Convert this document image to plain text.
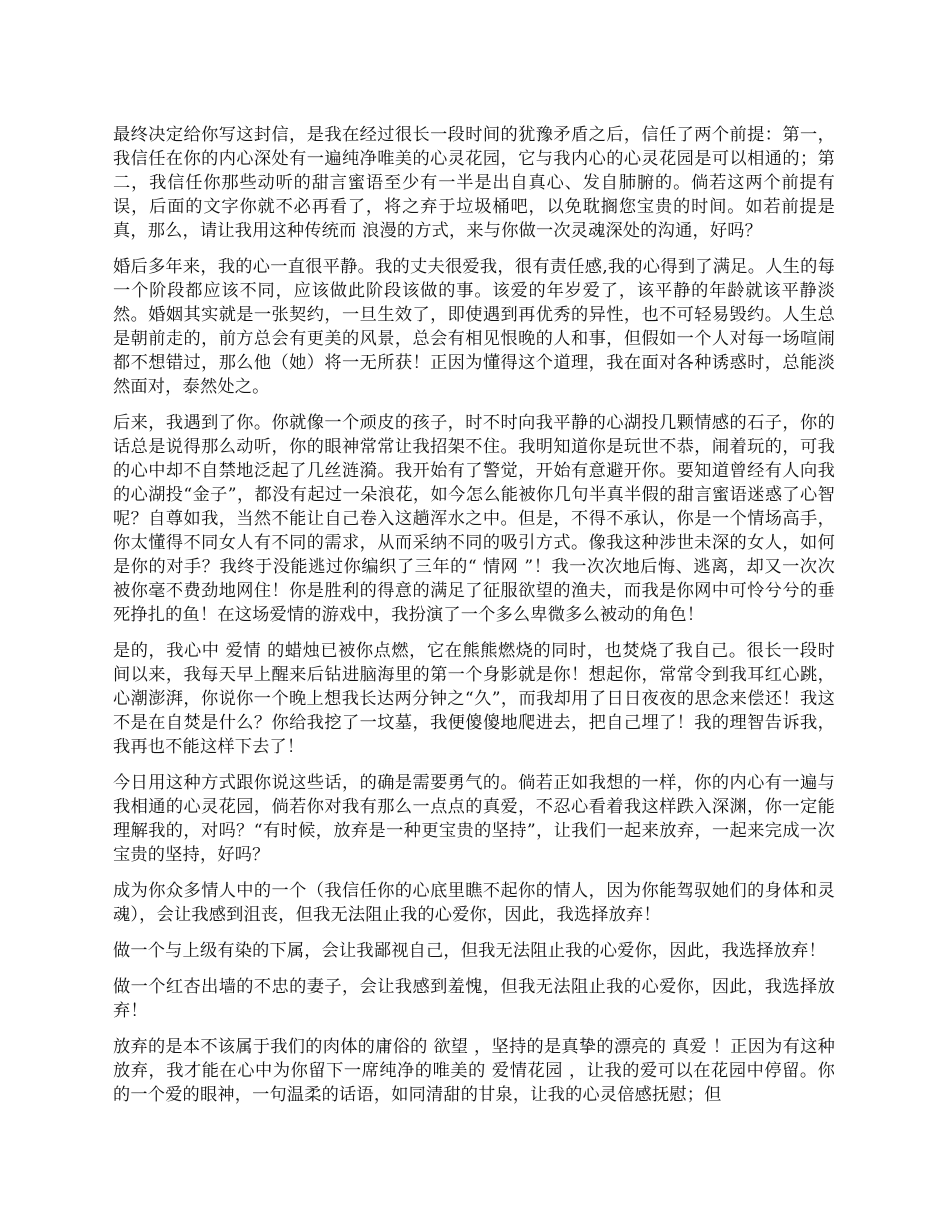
最终决定给你写这封信，是我在经过很长一段时间的犹豫矛盾之后，信任了两个前提：第一，我信任在你的内心深处有一遍纯净唯美的心灵花园，它与我内心的心灵花园是可以相通的；第二，我信任你那些动听的甜言蜜语至少有一半是出自真心、发自肺腑的。倘若这两个前提有误，后面的文字你就不必再看了，将之弃于垃圾桶吧，以免耽搁您宝贵的时间。如若前提是真，那么，请让我用这种传统而 浪漫的方式，来与你做一次灵魂深处的沟通，好吗？

婚后多年来，我的心一直很平静。我的丈夫很爱我，很有责任感,我的心得到了满足。人生的每一个阶段都应该不同，应该做此阶段该做的事。该爱的年岁爱了，该平静的年龄就该平静淡然。婚姻其实就是一张契约，一旦生效了，即使遇到再优秀的异性，也不可轻易毁约。人生总是朝前走的，前方总会有更美的风景，总会有相见恨晚的人和事，但假如一个人对每一场喧闹都不想错过，那么他（她）将一无所获！正因为懂得这个道理，我在面对各种诱惑时，总能淡然面对，泰然处之。

后来，我遇到了你。你就像一个顽皮的孩子，时不时向我平静的心湖投几颗情感的石子，你的话总是说得那么动听，你的眼神常常让我招架不住。我明知道你是玩世不恭，闹着玩的，可我的心中却不自禁地泛起了几丝涟漪。我开始有了警觉，开始有意避开你。要知道曾经有人向我的心湖投“金子”，都没有起过一朵浪花，如今怎么能被你几句半真半假的甜言蜜语迷惑了心智呢？自尊如我，当然不能让自己卷入这趟浑水之中。但是，不得不承认，你是一个情场高手，你太懂得不同女人有不同的需求，从而采纳不同的吸引方式。像我这种涉世未深的女人，如何是你的对手？我终于没能逃过你编织了三年的“ 情网 ”！我一次次地后悔、逃离，却又一次次被你毫不费劲地网住！你是胜利的得意的满足了征服欲望的渔夫，而我是你网中可怜兮兮的垂死挣扎的鱼！在这场爱情的游戏中，我扮演了一个多么卑微多么被动的角色！

是的，我心中 爱情 的蜡烛已被你点燃，它在熊熊燃烧的同时，也焚烧了我自己。很长一段时间以来，我每天早上醒来后钻进脑海里的第一个身影就是你！想起你，常常令到我耳红心跳，心潮澎湃，你说你一个晚上想我长达两分钟之“久”，而我却用了日日夜夜的思念来偿还！我这不是在自焚是什么？你给我挖了一坟墓，我便傻傻地爬进去，把自己埋了！我的理智告诉我，我再也不能这样下去了！

今日用这种方式跟你说这些话，的确是需要勇气的。倘若正如我想的一样，你的内心有一遍与我相通的心灵花园，倘若你对我有那么一点点的真爱，不忍心看着我这样跌入深渊，你一定能理解我的，对吗？“有时候，放弃是一种更宝贵的坚持”，让我们一起来放弃，一起来完成一次宝贵的坚持，好吗？

成为你众多情人中的一个（我信任你的心底里瞧不起你的情人，因为你能驾驭她们的身体和灵魂），会让我感到沮丧，但我无法阻止我的心爱你，因此，我选择放弃！

做一个与上级有染的下属，会让我鄙视自己，但我无法阻止我的心爱你，因此，我选择放弃！

做一个红杏出墙的不忠的妻子，会让我感到羞愧，但我无法阻止我的心爱你，因此，我选择放弃！

放弃的是本不该属于我们的肉体的庸俗的 欲望 ，坚持的是真挚的漂亮的 真爱 ！正因为有这种放弃，我才能在心中为你留下一席纯净的唯美的 爱情花园 ，让我的爱可以在花园中停留。你的一个爱的眼神，一句温柔的话语，如同清甜的甘泉，让我的心灵倍感抚慰；但
